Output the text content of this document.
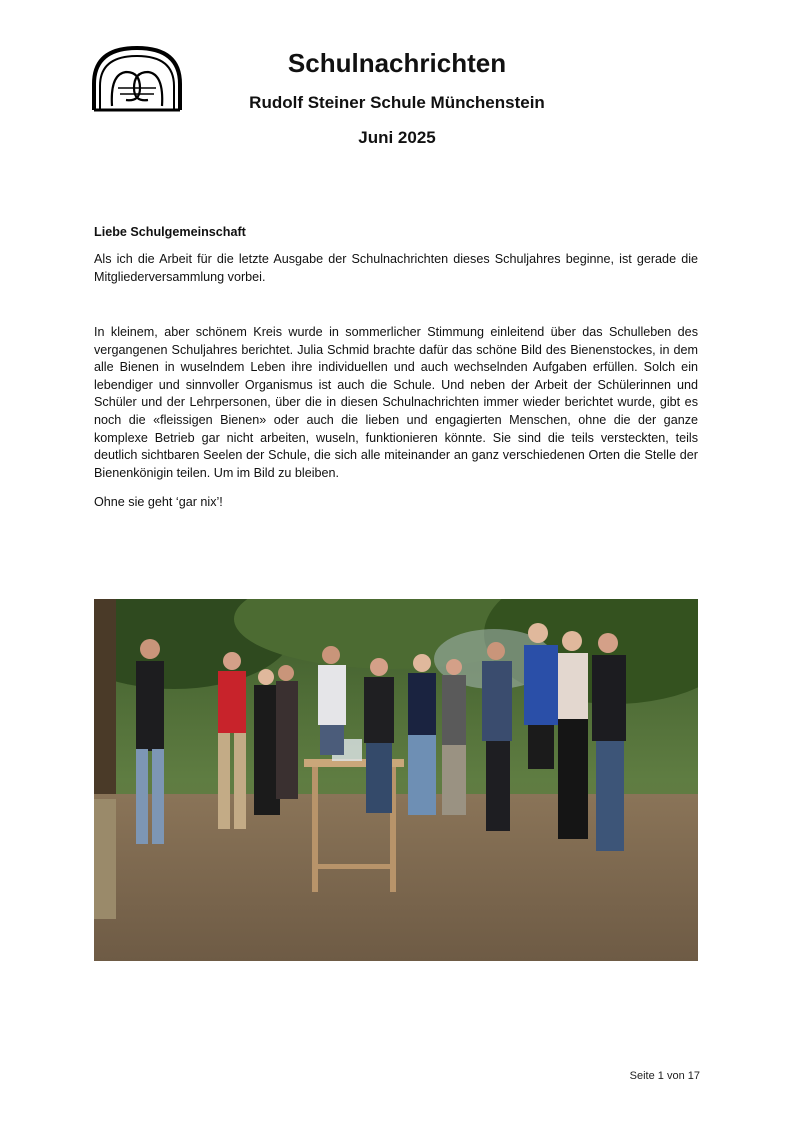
Schulnachrichten
Rudolf Steiner Schule Münchenstein
Juni 2025
Liebe Schulgemeinschaft

Als ich die Arbeit für die letzte Ausgabe der Schulnachrichten dieses Schuljahres beginne, ist gerade die Mitgliederversammlung vorbei.

In kleinem, aber schönem Kreis wurde in sommerlicher Stimmung einleitend über das Schulleben des vergangenen Schuljahres berichtet. Julia Schmid brachte dafür das schöne Bild des Bienenstockes, in dem alle Bienen in wuselndem Leben ihre individuellen und auch wechselnden Aufgaben erfüllen. Solch ein lebendiger und sinnvoller Organismus ist auch die Schule. Und neben der Arbeit der Schülerinnen und Schüler und der Lehrpersonen, über die in diesen Schulnachrichten immer wieder berichtet wurde, gibt es noch die «fleissigen Bienen» oder auch die lieben und engagierten Menschen, ohne die der ganze komplexe Betrieb gar nicht arbeiten, wuseln, funktionieren könnte. Sie sind die teils versteckten, teils deutlich sichtbaren Seelen der Schule, die sich alle miteinander an ganz verschiedenen Orten die Stelle der Bienenkönigin teilen. Um im Bild zu bleiben.

Ohne sie geht ‘gar nix’!

Seite 1 von 17
